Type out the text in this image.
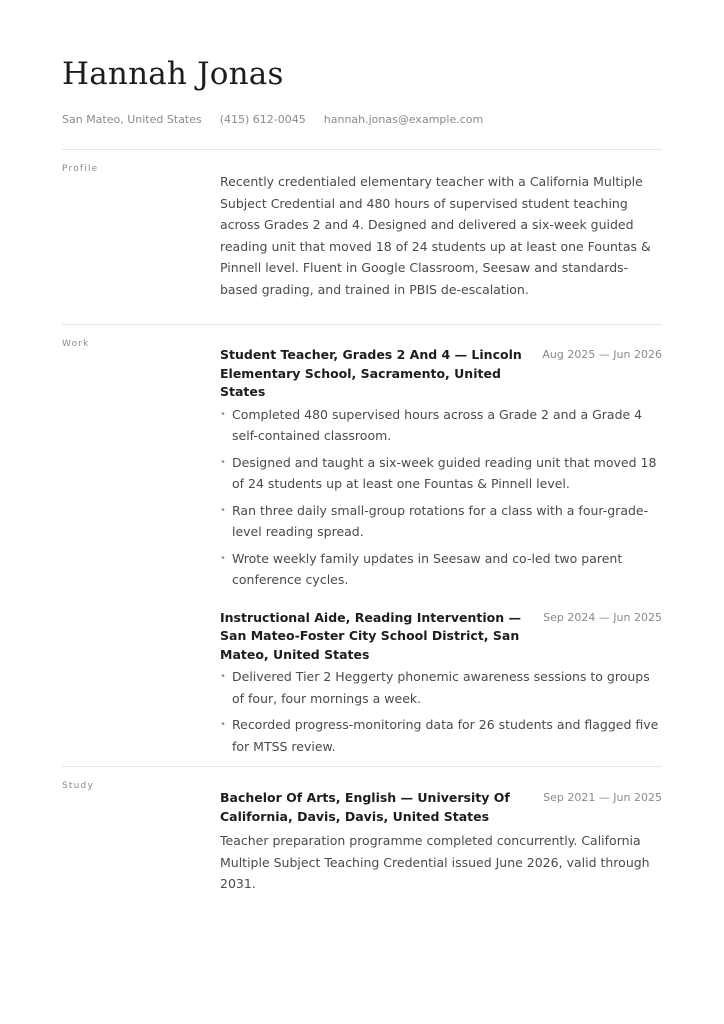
Hannah Jonas
San Mateo, United States (415) 612-0045 hannah.jonas@example.com
Profile

Recently credentialed elementary teacher with a California Multiple Subject Credential and 480 hours of supervised student teaching across Grades 2 and 4. Designed and delivered a six-week guided reading unit that moved 18 of 24 students up at least one Fountas & Pinnell level. Fluent in Google Classroom, Seesaw and standards-based grading, and trained in PBIS de-escalation.

Work
Student Teacher, Grades 2 And 4 — Lincoln Elementary School, Sacramento, United States
Aug 2025 — Jun 2026
• Completed 480 supervised hours across a Grade 2 and a Grade 4 self-contained classroom.
• Designed and taught a six-week guided reading unit that moved 18 of 24 students up at least one Fountas & Pinnell level.
• Ran three daily small-group rotations for a class with a four-grade-level reading spread.
• Wrote weekly family updates in Seesaw and co-led two parent conference cycles.
Instructional Aide, Reading Intervention — San Mateo-Foster City School District, San Mateo, United States
Sep 2024 — Jun 2025
• Delivered Tier 2 Heggerty phonemic awareness sessions to groups of four, four mornings a week.
• Recorded progress-monitoring data for 26 students and flagged five for MTSS review.
Study
Bachelor Of Arts, English — University Of California, Davis, Davis, United States
Sep 2021 — Jun 2025

Teacher preparation programme completed concurrently. California Multiple Subject Teaching Credential issued June 2026, valid through 2031.
